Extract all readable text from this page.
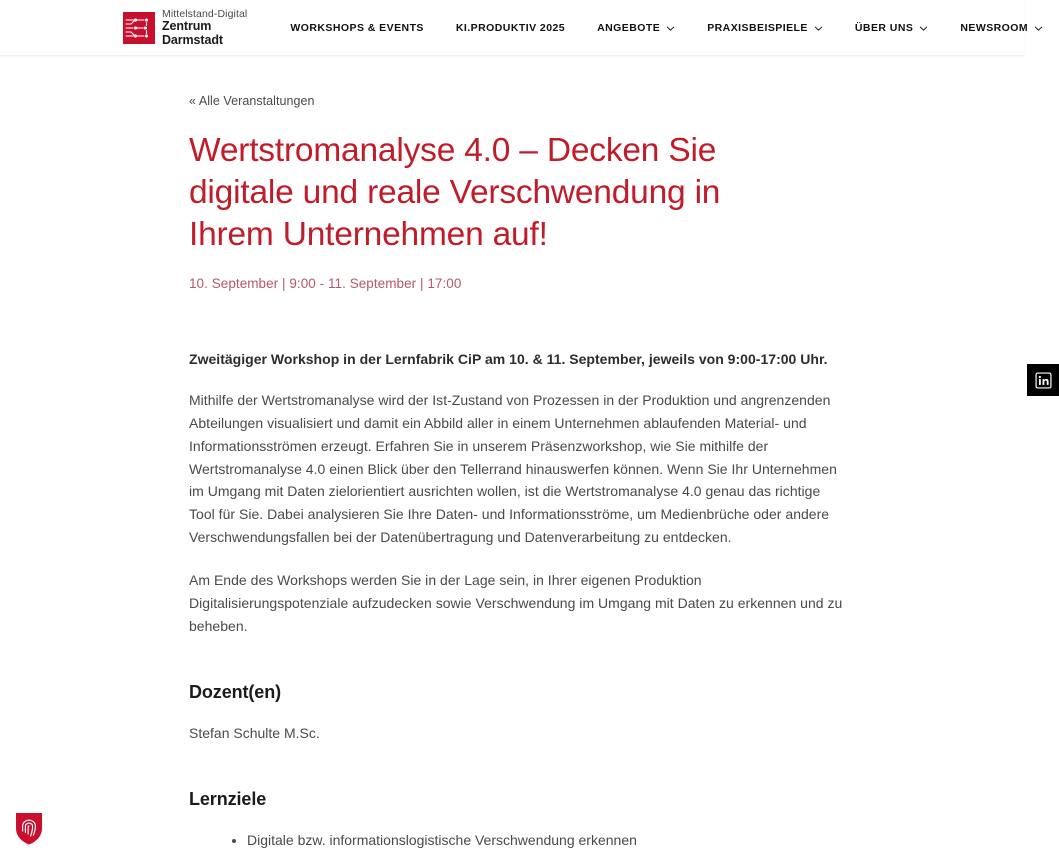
Mittelstand-Digital
Zentrum
Darmstadt
WORKSHOPS & EVENTS	KI.PRODUKTIV 2025	ANGEBOTE	PRAXISBEISPIELE	ÜBER UNS	NEWSROOM
« Alle Veranstaltungen
Wertstromanalyse 4.0 – Decken Sie digitale und reale Verschwendung in Ihrem Unternehmen auf!
10. September | 9:00 - 11. September | 17:00

Zweitägiger Workshop in der Lernfabrik CiP am 10. & 11. September, jeweils von 9:00-17:00 Uhr.

Mithilfe der Wertstromanalyse wird der Ist-Zustand von Prozessen in der Produktion und angrenzenden Abteilungen visualisiert und damit ein Abbild aller in einem Unternehmen ablaufenden Material- und Informationsströmen erzeugt. Erfahren Sie in unserem Präsenzworkshop, wie Sie mithilfe der Wertstromanalyse 4.0 einen Blick über den Tellerrand hinauswerfen können. Wenn Sie Ihr Unternehmen im Umgang mit Daten zielorientiert ausrichten wollen, ist die Wertstromanalyse 4.0 genau das richtige Tool für Sie. Dabei analysieren Sie Ihre Daten- und Informationsströme, um Medienbrüche oder andere Verschwendungsfallen bei der Datenübertragung und Datenverarbeitung zu entdecken.

Am Ende des Workshops werden Sie in der Lage sein, in Ihrer eigenen Produktion Digitalisierungspotenziale aufzudecken sowie Verschwendung im Umgang mit Daten zu erkennen und zu beheben.

Dozent(en)
Stefan Schulte M.Sc.
Lernziele
• Digitale bzw. informationslogistische Verschwendung erkennen
